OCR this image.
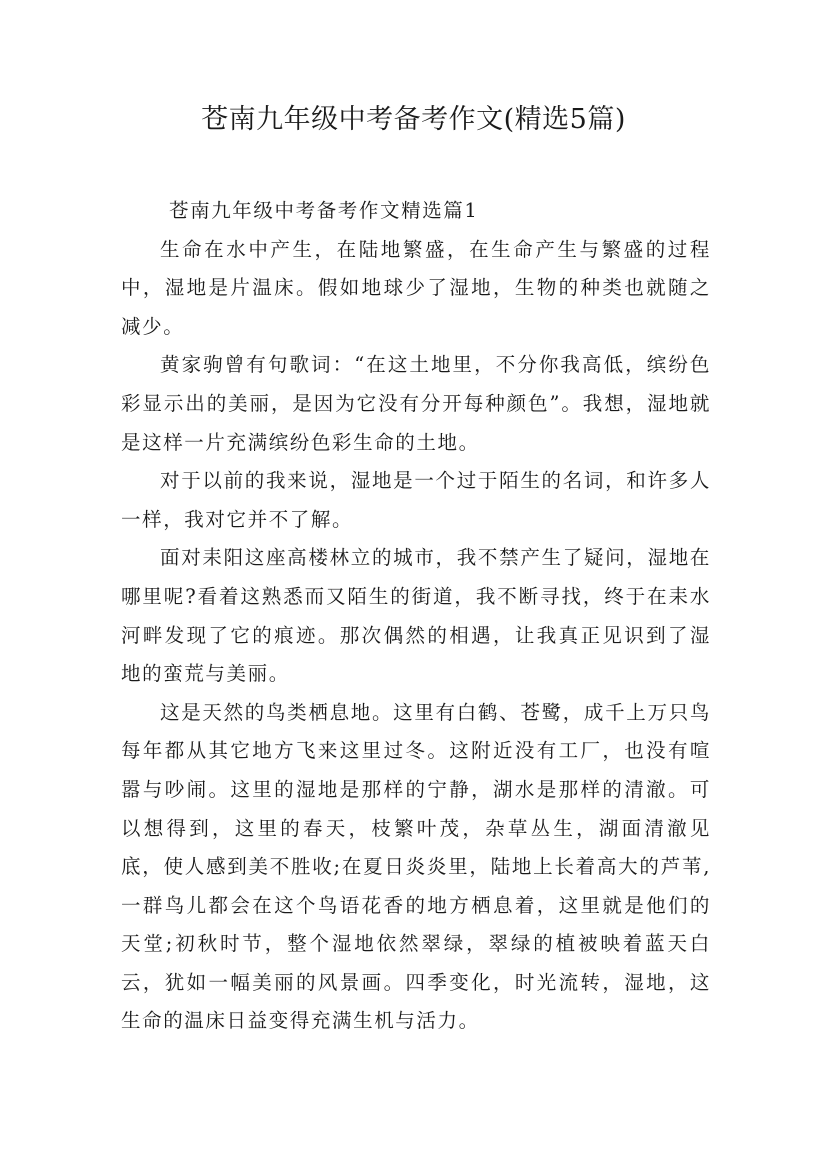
苍南九年级中考备考作文(精选5篇)

苍南九年级中考备考作文精选篇1

生命在水中产生，在陆地繁盛，在生命产生与繁盛的过程中，湿地是片温床。假如地球少了湿地，生物的种类也就随之减少。

黄家驹曾有句歌词：“在这土地里，不分你我高低，缤纷色彩显示出的美丽，是因为它没有分开每种颜色”。我想，湿地就是这样一片充满缤纷色彩生命的土地。

对于以前的我来说，湿地是一个过于陌生的名词，和许多人一样，我对它并不了解。

面对耒阳这座高楼林立的城市，我不禁产生了疑问，湿地在哪里呢?看着这熟悉而又陌生的街道，我不断寻找，终于在耒水河畔发现了它的痕迹。那次偶然的相遇，让我真正见识到了湿地的蛮荒与美丽。

这是天然的鸟类栖息地。这里有白鹤、苍鹭，成千上万只鸟每年都从其它地方飞来这里过冬。这附近没有工厂，也没有喧嚣与吵闹。这里的湿地是那样的宁静，湖水是那样的清澈。可以想得到，这里的春天，枝繁叶茂，杂草丛生，湖面清澈见底，使人感到美不胜收;在夏日炎炎里，陆地上长着高大的芦苇,一群鸟儿都会在这个鸟语花香的地方栖息着，这里就是他们的天堂;初秋时节，整个湿地依然翠绿，翠绿的植被映着蓝天白云，犹如一幅美丽的风景画。四季变化，时光流转，湿地，这生命的温床日益变得充满生机与活力。
